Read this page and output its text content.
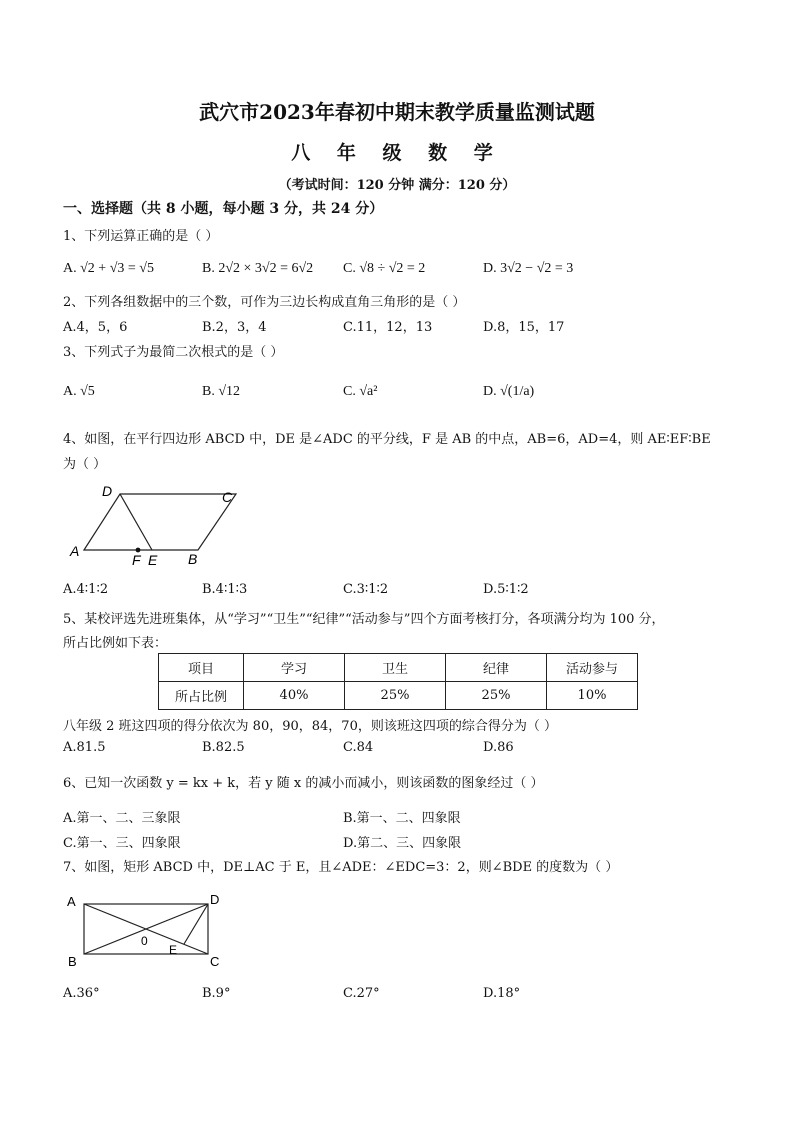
武穴市2023年春初中期末教学质量监测试题
八 年 级 数 学
（考试时间：120 分钟 满分：120 分）
一、选择题（共 8 小题，每小题 3 分，共 24 分）
1、下列运算正确的是（ ）
A. √2 + √3 = √5	B. 2√2 × 3√2 = 6√2 C. √8 ÷ √2 = 2	D. 3√2 − √2 = 3
2、下列各组数据中的三个数，可作为三边长构成直角三角形的是（ ）
A.4，5，6	B.2，3，4	C.11，12，13	D.8，15，17
3、下列式子为最简二次根式的是（ ）
A. √5	B. √12	C. √a²	D. √(1/a)
4、如图，在平行四边形 ABCD 中，DE 是∠ADC 的平分线，F 是 AB 的中点，AB=6，AD=4，则 AE∶EF∶BE
为（ ）
A
D	C
B
F E
A.4∶1∶2	B.4∶1∶3	C.3∶1∶2	D.5∶1∶2
5、某校评选先进班集体，从“学习”“卫生”“纪律”“活动参与”四个方面考核打分，各项满分均为 100 分，
所占比例如下表：
项目	学习	卫生	纪律	活动参与
所占比例	40%	25%	25%	10%
八年级 2 班这四项的得分依次为 80，90，84，70，则该班这四项的综合得分为（ ）
A.81.5	B.82.5	C.84	D.86
6、已知一次函数 y = kx + k，若 y 随 x 的减小而减小，则该函数的图象经过（ ）
A.第一、二、三象限	B.第一、二、四象限
C.第一、三、四象限	D.第二、三、四象限
7、如图，矩形 ABCD 中，DE⊥AC 于 E，且∠ADE：∠EDC=3：2，则∠BDE 的度数为（ ）
A	D
B	C
0
E
A.36°	B.9°	C.27°	D.18°
